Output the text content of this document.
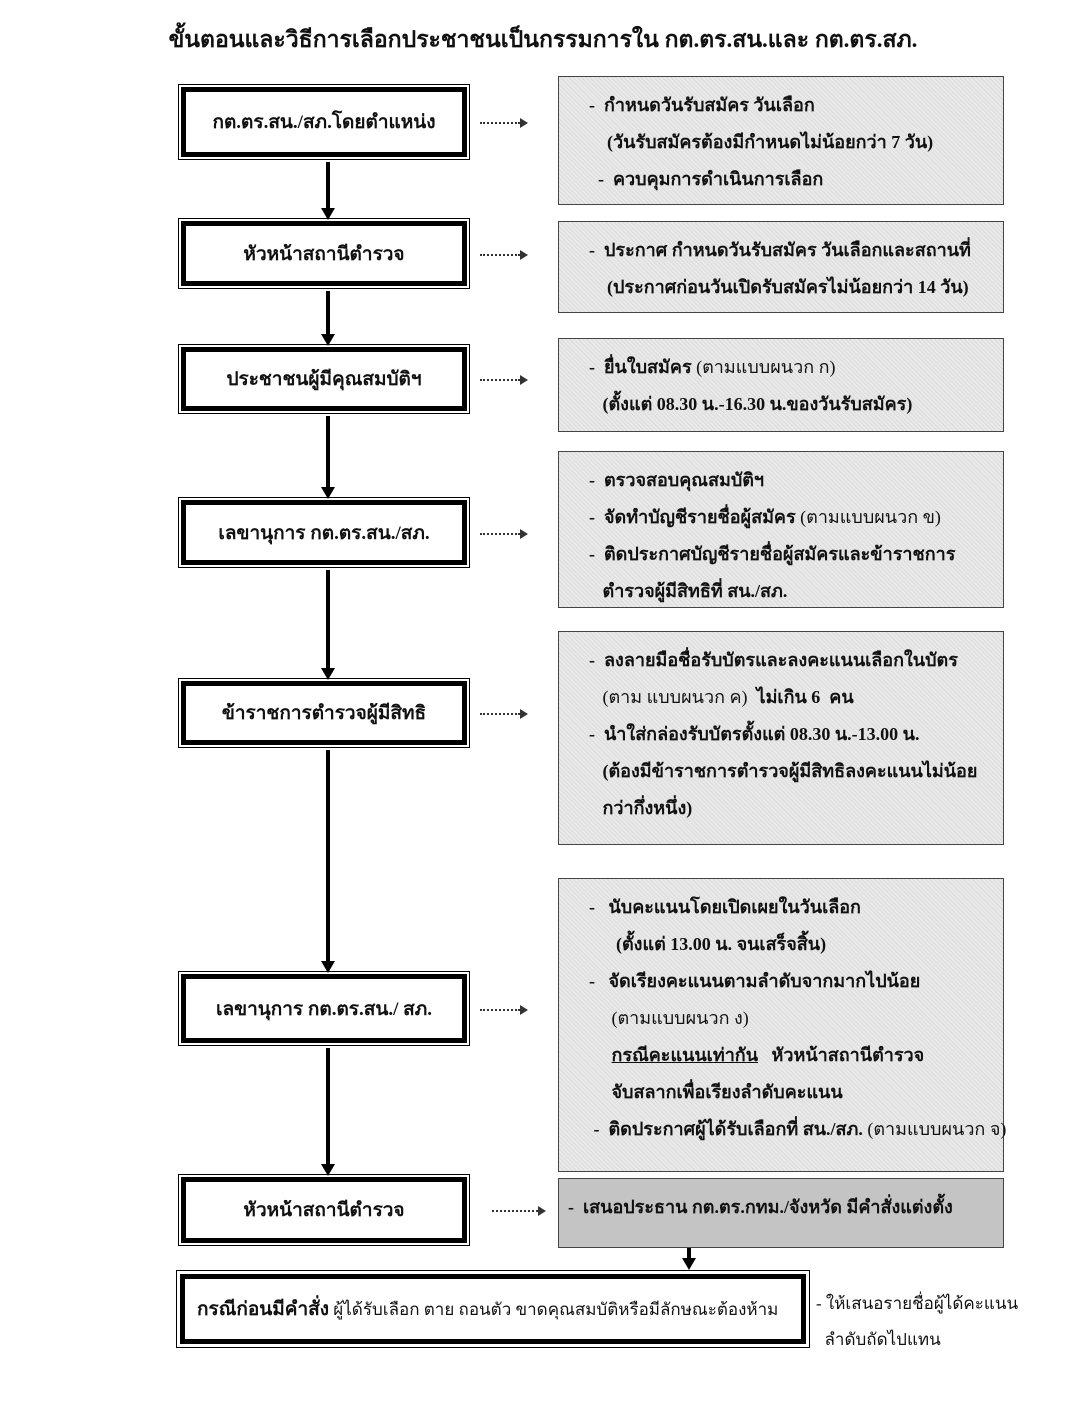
ขั้นตอนและวิธีการเลือกประชาชนเป็นกรรมการใน กต.ตร.สน.และ กต.ตร.สภ.
กต.ตร.สน./สภ.โดยตำแหน่ง
-  กำหนดวันรับสมัคร วันเลือก
(วันรับสมัครต้องมีกำหนดไม่น้อยกว่า 7 วัน)
-  ควบคุมการดำเนินการเลือก
หัวหน้าสถานีตำรวจ	-  ประกาศ กำหนดวันรับสมัคร วันเลือกและสถานที่
(ประกาศก่อนวันเปิดรับสมัครไม่น้อยกว่า 14 วัน)
ประชาชนผู้มีคุณสมบัติฯ
-  ยื่นใบสมัคร (ตามแบบผนวก ก)
(ตั้งแต่ 08.30 น.-16.30 น.ของวันรับสมัคร)
เลขานุการ กต.ตร.สน./สภ.
-  ตรวจสอบคุณสมบัติฯ
-  จัดทำบัญชีรายชื่อผู้สมัคร (ตามแบบผนวก ข)
-  ติดประกาศบัญชีรายชื่อผู้สมัครและข้าราชการ
ตำรวจผู้มีสิทธิที่ สน./สภ.
ข้าราชการตำรวจผู้มีสิทธิ
-  ลงลายมือชื่อรับบัตรและลงคะแนนเลือกในบัตร
(ตาม แบบผนวก ค)  ไม่เกิน 6  คน
-  นำใส่กล่องรับบัตรตั้งแต่ 08.30 น.-13.00 น.
(ต้องมีข้าราชการตำรวจผู้มีสิทธิลงคะแนนไม่น้อย
กว่ากึ่งหนึ่ง)
เลขานุการ กต.ตร.สน./ สภ.
-   นับคะแนนโดยเปิดเผยในวันเลือก
(ตั้งแต่ 13.00 น. จนเสร็จสิ้น)
-   จัดเรียงคะแนนตามลำดับจากมากไปน้อย
(ตามแบบผนวก ง)
กรณีคะแนนเท่ากัน   หัวหน้าสถานีตำรวจ
จับสลากเพื่อเรียงลำดับคะแนน
-  ติดประกาศผู้ได้รับเลือกที่ สน./สภ. (ตามแบบผนวก จ)
หัวหน้าสถานีตำรวจ	-  เสนอประธาน กต.ตร.กทม./จังหวัด มีคำสั่งแต่งตั้ง
กรณีก่อนมีคำสั่ง ผู้ได้รับเลือก ตาย ถอนตัว ขาดคุณสมบัติหรือมีลักษณะต้องห้าม - ให้เสนอรายชื่อผู้ได้คะแนน
ลำดับถัดไปแทน
